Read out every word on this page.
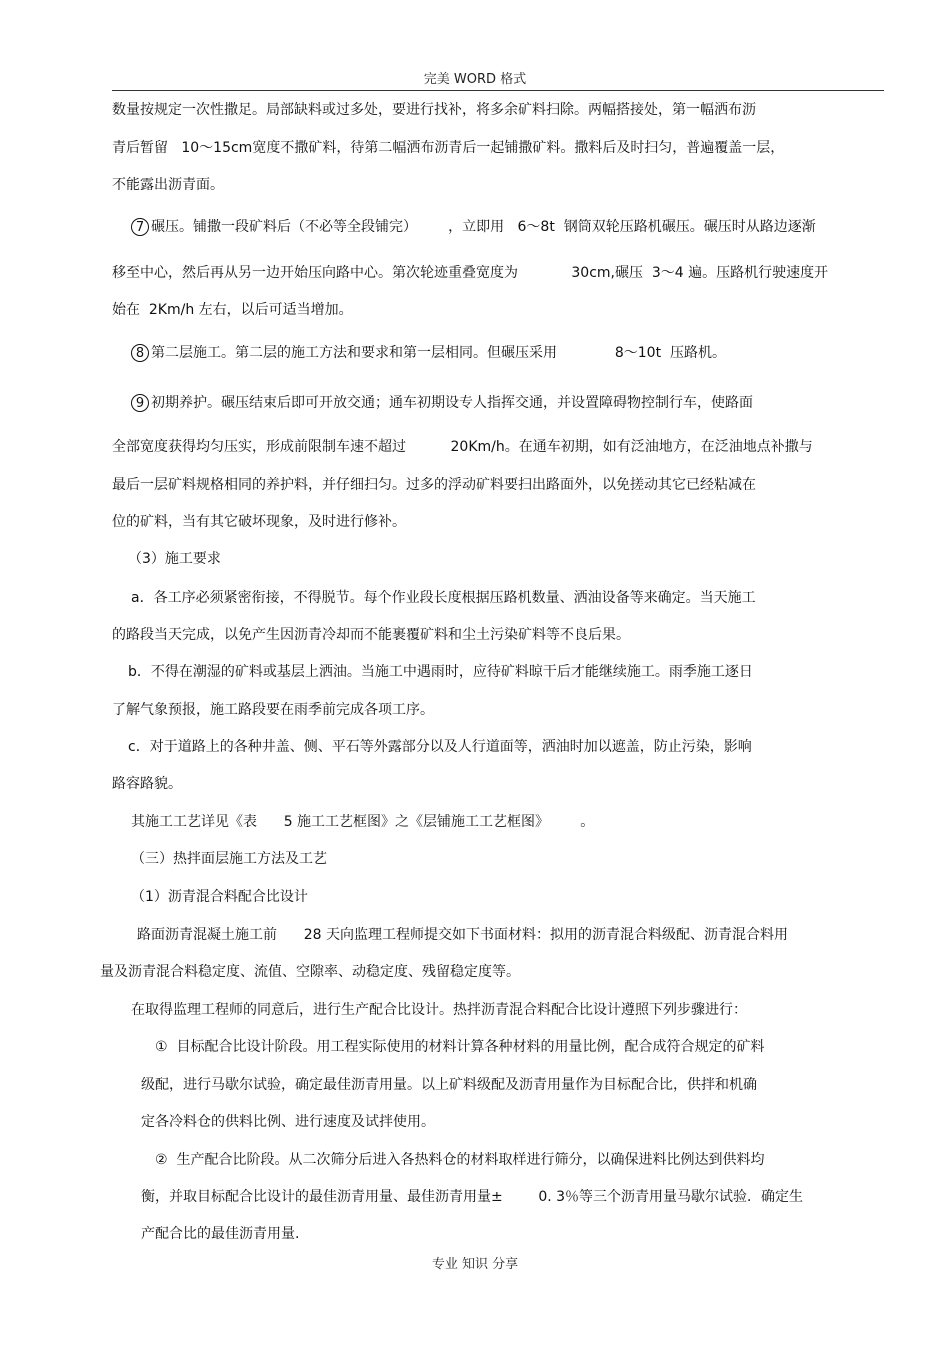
完美 WORD 格式
数量按规定一次性撒足。局部缺料或过多处，要进行找补，将多余矿料扫除。两幅搭接处，第一幅洒布沥
青后暂留   10～15cm宽度不撒矿料，待第二幅洒布沥青后一起铺撒矿料。撒料后及时扫匀，普遍覆盖一层，
不能露出沥青面。
7 碾压。铺撒一段矿料后（不必等全段铺完）       ，立即用   6～8t  钢筒双轮压路机碾压。碾压时从路边逐渐
移至中心，然后再从另一边开始压向路中心。第次轮迹重叠宽度为            30cm,碾压  3～4 遍。压路机行驶速度开
始在  2Km/h 左右，以后可适当增加。
8 第二层施工。第二层的施工方法和要求和第一层相同。但碾压采用             8～10t  压路机。
9 初期养护。碾压结束后即可开放交通；通车初期设专人指挥交通，并设置障碍物控制行车，使路面
全部宽度获得均匀压实，形成前限制车速不超过          20Km/h。在通车初期，如有泛油地方，在泛油地点补撒与
最后一层矿料规格相同的养护料，并仔细扫匀。过多的浮动矿料要扫出路面外，以免搓动其它已经粘减在
位的矿料，当有其它破坏现象，及时进行修补。
（3）施工要求
a．各工序必须紧密衔接，不得脱节。每个作业段长度根据压路机数量、洒油设备等来确定。当天施工
的路段当天完成，以免产生因沥青冷却而不能裹覆矿料和尘土污染矿料等不良后果。
b．不得在潮湿的矿料或基层上洒油。当施工中遇雨时，应待矿料晾干后才能继续施工。雨季施工逐日
了解气象预报，施工路段要在雨季前完成各项工序。
c．对于道路上的各种井盖、侧、平石等外露部分以及人行道面等，洒油时加以遮盖，防止污染，影响
路容路貌。
其施工工艺详见《表      5 施工工艺框图》之《层铺施工工艺框图》       。
（三）热拌面层施工方法及工艺
（1）沥青混合料配合比设计
路面沥青混凝土施工前      28 天向监理工程师提交如下书面材料：拟用的沥青混合料级配、沥青混合料用
量及沥青混合料稳定度、流值、空隙率、动稳定度、残留稳定度等。
在取得监理工程师的同意后，进行生产配合比设计。热拌沥青混合料配合比设计遵照下列步骤进行：
①  目标配合比设计阶段。用工程实际使用的材料计算各种材料的用量比例，配合成符合规定的矿料
级配，进行马歇尔试验，确定最佳沥青用量。以上矿料级配及沥青用量作为目标配合比，供拌和机确
定各冷料仓的供料比例、进行速度及试拌使用。
②  生产配合比阶段。从二次筛分后进入各热料仓的材料取样进行筛分，以确保进料比例达到供料均
衡，并取目标配合比设计的最佳沥青用量、最佳沥青用量±        0. 3％等三个沥青用量马歇尔试验．确定生
产配合比的最佳沥青用量.
专业 知识 分享
